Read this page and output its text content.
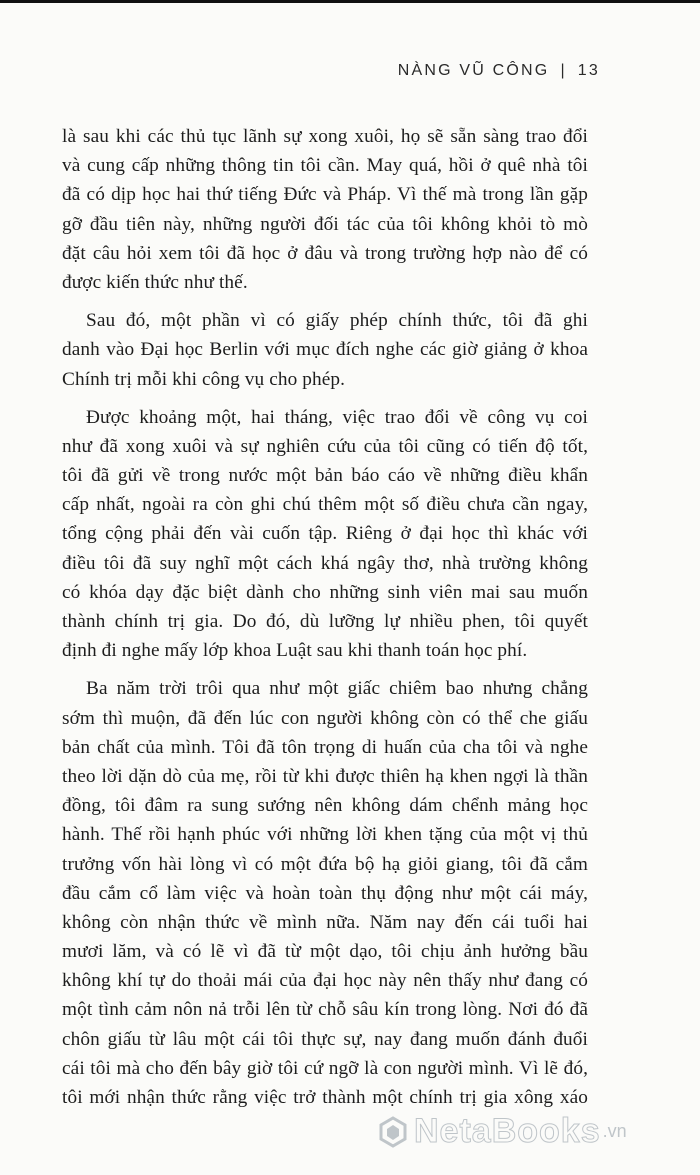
NÀNG VŨ CÔNG | 13
là sau khi các thủ tục lãnh sự xong xuôi, họ sẽ sẵn sàng trao đổi
và cung cấp những thông tin tôi cần. May quá, hồi ở quê nhà tôi
đã có dịp học hai thứ tiếng Đức và Pháp. Vì thế mà trong lần gặp
gỡ đầu tiên này, những người đối tác của tôi không khỏi tò mò
đặt câu hỏi xem tôi đã học ở đâu và trong trường hợp nào để có
được kiến thức như thế.
Sau đó, một phần vì có giấy phép chính thức, tôi đã ghi
danh vào Đại học Berlin với mục đích nghe các giờ giảng ở khoa
Chính trị mỗi khi công vụ cho phép.
Được khoảng một, hai tháng, việc trao đổi về công vụ coi
như đã xong xuôi và sự nghiên cứu của tôi cũng có tiến độ tốt,
tôi đã gửi về trong nước một bản báo cáo về những điều khẩn
cấp nhất, ngoài ra còn ghi chú thêm một số điều chưa cần ngay,
tổng cộng phải đến vài cuốn tập. Riêng ở đại học thì khác với
điều tôi đã suy nghĩ một cách khá ngây thơ, nhà trường không
có khóa dạy đặc biệt dành cho những sinh viên mai sau muốn
thành chính trị gia. Do đó, dù lưỡng lự nhiều phen, tôi quyết
định đi nghe mấy lớp khoa Luật sau khi thanh toán học phí.
Ba năm trời trôi qua như một giấc chiêm bao nhưng chẳng
sớm thì muộn, đã đến lúc con người không còn có thể che giấu
bản chất của mình. Tôi đã tôn trọng di huấn của cha tôi và nghe
theo lời dặn dò của mẹ, rồi từ khi được thiên hạ khen ngợi là thần
đồng, tôi đâm ra sung sướng nên không dám chểnh mảng học
hành. Thế rồi hạnh phúc với những lời khen tặng của một vị thủ
trưởng vốn hài lòng vì có một đứa bộ hạ giỏi giang, tôi đã cắm
đầu cắm cổ làm việc và hoàn toàn thụ động như một cái máy,
không còn nhận thức về mình nữa. Năm nay đến cái tuổi hai
mươi lăm, và có lẽ vì đã từ một dạo, tôi chịu ảnh hưởng bầu
không khí tự do thoải mái của đại học này nên thấy như đang có
một tình cảm nôn nả trỗi lên từ chỗ sâu kín trong lòng. Nơi đó đã
chôn giấu từ lâu một cái tôi thực sự, nay đang muốn đánh đuổi
cái tôi mà cho đến bây giờ tôi cứ ngỡ là con người mình. Vì lẽ đó,
tôi mới nhận thức rằng việc trở thành một chính trị gia xông xáo
NetaBooks .vn
